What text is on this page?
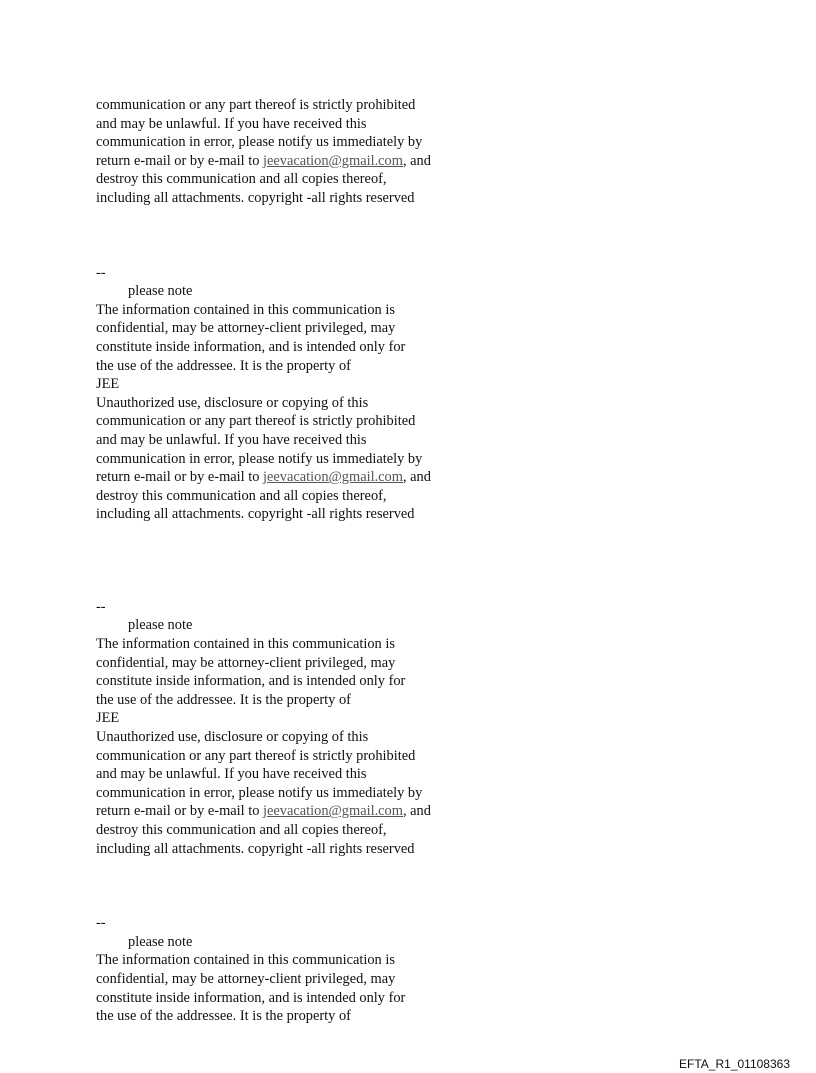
communication or any part thereof is strictly prohibited
and may be unlawful. If you have received this
communication in error, please notify us immediately by
return e-mail or by e-mail to jeevacation@gmail.com, and
destroy this communication and all copies thereof,
including all attachments. copyright -all rights reserved
--
please note
The information contained in this communication is
confidential, may be attorney-client privileged, may
constitute inside information, and is intended only for
the use of the addressee. It is the property of
JEE
Unauthorized use, disclosure or copying of this
communication or any part thereof is strictly prohibited
and may be unlawful. If you have received this
communication in error, please notify us immediately by
return e-mail or by e-mail to jeevacation@gmail.com, and
destroy this communication and all copies thereof,
including all attachments. copyright -all rights reserved
--
please note
The information contained in this communication is
confidential, may be attorney-client privileged, may
constitute inside information, and is intended only for
the use of the addressee. It is the property of
JEE
Unauthorized use, disclosure or copying of this
communication or any part thereof is strictly prohibited
and may be unlawful. If you have received this
communication in error, please notify us immediately by
return e-mail or by e-mail to jeevacation@gmail.com, and
destroy this communication and all copies thereof,
including all attachments. copyright -all rights reserved
--
please note
The information contained in this communication is
confidential, may be attorney-client privileged, may
constitute inside information, and is intended only for
the use of the addressee. It is the property of
EFTA_R1_01108363
